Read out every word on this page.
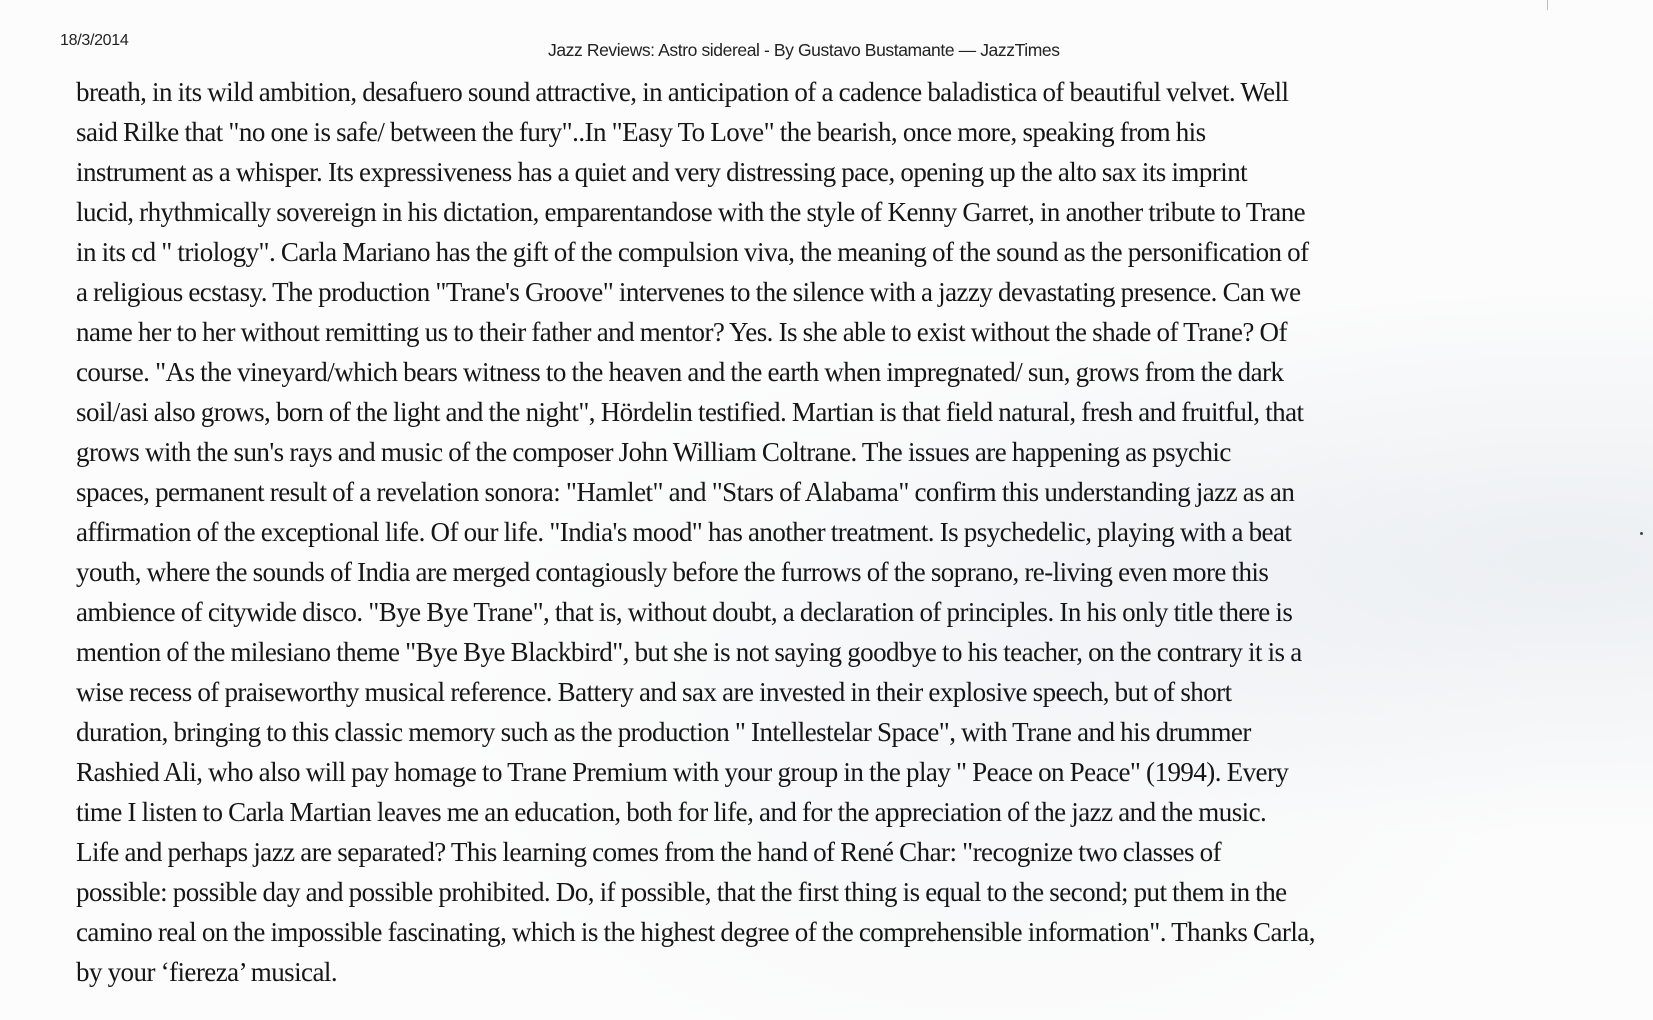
18/3/2014	Jazz Reviews: Astro sidereal - By Gustavo Bustamante — JazzTimes
breath, in its wild ambition, desafuero sound attractive, in anticipation of a cadence baladistica of beautiful velvet. Well
said Rilke that "no one is safe/ between the fury"..In "Easy To Love" the bearish, once more, speaking from his
instrument as a whisper. Its expressiveness has a quiet and very distressing pace, opening up the alto sax its imprint
lucid, rhythmically sovereign in his dictation, emparentandose with the style of Kenny Garret, in another tribute to Trane
in its cd " triology". Carla Mariano has the gift of the compulsion viva, the meaning of the sound as the personification of
a religious ecstasy. The production "Trane's Groove" intervenes to the silence with a jazzy devastating presence. Can we
name her to her without remitting us to their father and mentor? Yes. Is she able to exist without the shade of Trane? Of
course. "As the vineyard/which bears witness to the heaven and the earth when impregnated/ sun, grows from the dark
soil/asi also grows, born of the light and the night", Hördelin testified. Martian is that field natural, fresh and fruitful, that
grows with the sun's rays and music of the composer John William Coltrane. The issues are happening as psychic
spaces, permanent result of a revelation sonora: "Hamlet" and "Stars of Alabama" confirm this understanding jazz as an
affirmation of the exceptional life. Of our life. "India's mood" has another treatment. Is psychedelic, playing with a beat
youth, where the sounds of India are merged contagiously before the furrows of the soprano, re-living even more this
ambience of citywide disco. "Bye Bye Trane", that is, without doubt, a declaration of principles. In his only title there is
mention of the milesiano theme "Bye Bye Blackbird", but she is not saying goodbye to his teacher, on the contrary it is a
wise recess of praiseworthy musical reference. Battery and sax are invested in their explosive speech, but of short
duration, bringing to this classic memory such as the production " Intellestelar Space", with Trane and his drummer
Rashied Ali, who also will pay homage to Trane Premium with your group in the play " Peace on Peace" (1994). Every
time I listen to Carla Martian leaves me an education, both for life, and for the appreciation of the jazz and the music.
Life and perhaps jazz are separated? This learning comes from the hand of René Char: "recognize two classes of
possible: possible day and possible prohibited. Do, if possible, that the first thing is equal to the second; put them in the
camino real on the impossible fascinating, which is the highest degree of the comprehensible information". Thanks Carla,
by your ‘fiereza’ musical.
